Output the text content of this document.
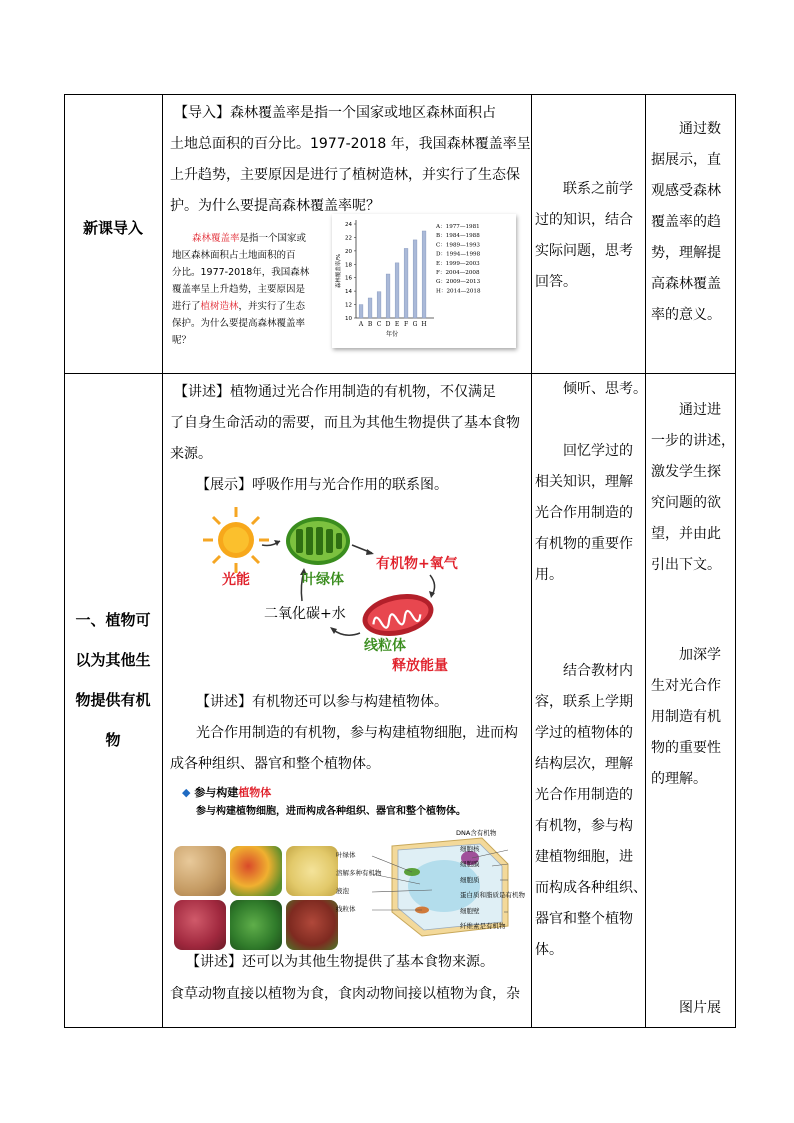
新课导入
【导入】森林覆盖率是指一个国家或地区森林面积占
土地总面积的百分比。1977-2018 年，我国森林覆盖率呈
上升趋势，主要原因是进行了植树造林，并实行了生态保
护。为什么要提高森林覆盖率呢？
森林覆盖率是指一个国家或
地区森林面积占土地面积的百
分比。1977-2018年，我国森林
覆盖率呈上升趋势，主要原因是
进行了植树造林，并实行了生态
保护。为什么要提高森林覆盖率
呢？
10
12
14
16
18
20
22
24
A B C D E F G H
森林覆盖率/%
年份
A：1977—1981
B：1984—1988
C：1989—1993
D：1994—1998
E：1999—2003
F：2004—2008
G：2009—2013
H：2014—2018
联系之前学
过的知识，结合
实际问题，思考
回答。
通过数
据展示，直
观感受森林
覆盖率的趋
势，理解提
高森林覆盖
率的意义。
一、植物可
以为其他生
物提供有机
物
【讲述】植物通过光合作用制造的有机物，不仅满足
了自身生命活动的需要，而且为其他生物提供了基本食物
来源。
【展示】呼吸作用与光合作用的联系图。
光能	叶绿体
有机物+氧气
二氧化碳+水
线粒体
释放能量
【讲述】有机物还可以参与构建植物体。
光合作用制造的有机物，参与构建植物细胞，进而构
成各种组织、器官和整个植物体。
◆ 参与构建植物体
参与构建植物细胞，进而构成各种组织、器官和整个植物体。
叶绿体
溶解多种有机物
液泡
线粒体
DNA含有机物
细胞核
细胞膜
细胞质
蛋白质和脂质是有机物
细胞壁
纤维素是有机物
【讲述】还可以为其他生物提供了基本食物来源。
食草动物直接以植物为食，食肉动物间接以植物为食，杂
倾听、思考。
回忆学过的
相关知识，理解
光合作用制造的
有机物的重要作
用。
结合教材内
容，联系上学期
学过的植物体的
结构层次，理解
光合作用制造的
有机物，参与构
建植物细胞，进
而构成各种组织、
器官和整个植物
体。
通过进
一步的讲述，
激发学生探
究问题的欲
望，并由此
引出下文。
加深学
生对光合作
用制造有机
物的重要性
的理解。
图片展
